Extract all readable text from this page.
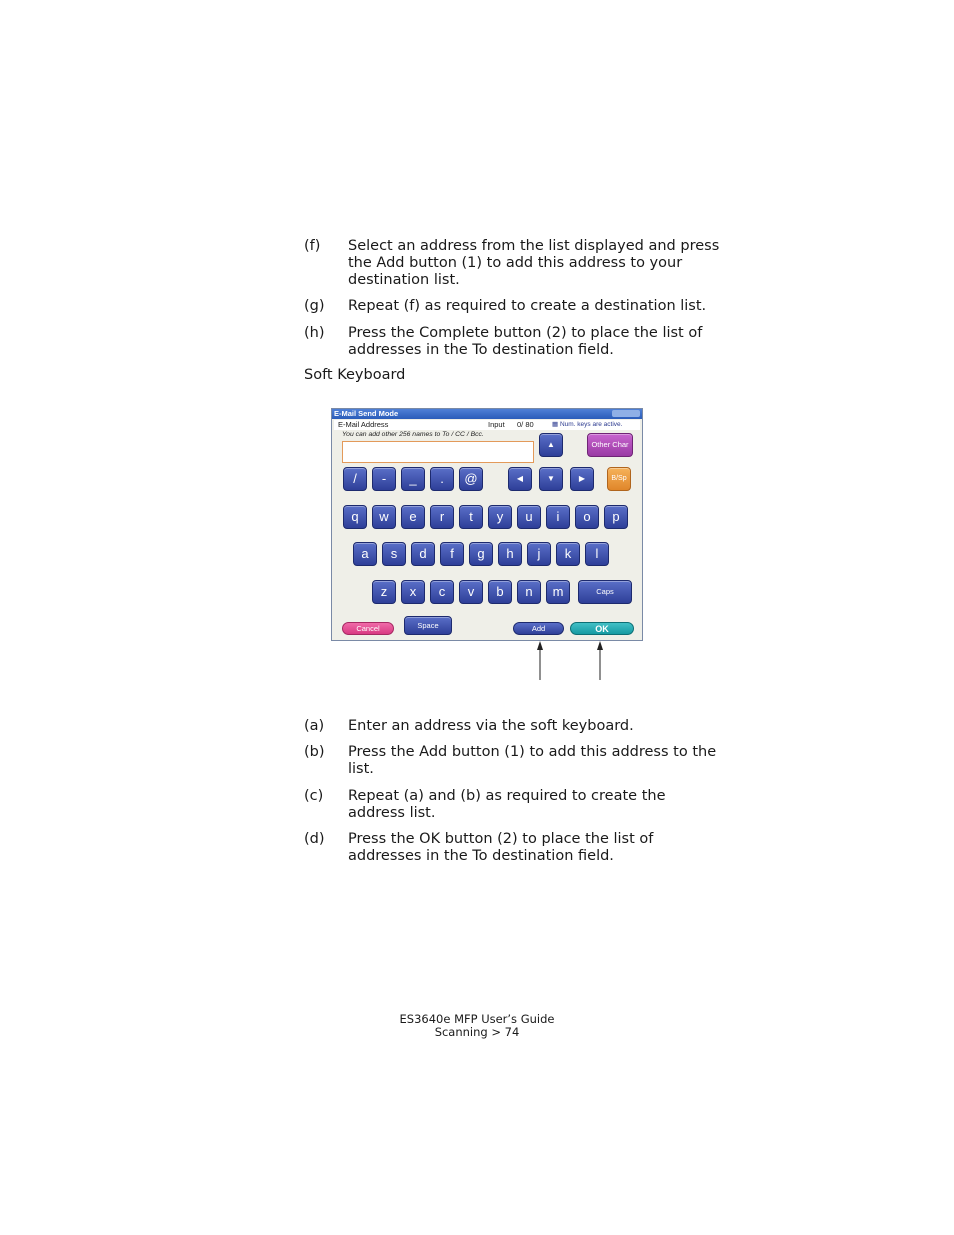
(f) Select an address from the list displayed and press the Add button (1) to add this address to your destination list.
(g) Repeat (f) as required to create a destination list.
(h) Press the Complete button (2) to place the list of addresses in the To destination field.
Soft Keyboard
E-Mail Send Mode
E-Mail Address	Input 0/ 80	▦ Num. keys are active.
You can add other 256 names to To / CC / Bcc.
▲	Other Char
/	-	_	.	@	◀	▼	▶	B/Sp
q	w	e	r	t	y	u	i	o	p
a	s	d	f	g	h	j	k	l
z	x	c	v	b	n	m	Caps
Cancel	Space	Add	OK
(a) Enter an address via the soft keyboard.
(b) Press the Add button (1) to add this address to the list.
(c) Repeat (a) and (b) as required to create the address list.
(d) Press the OK button (2) to place the list of addresses in the To destination field.
ES3640e MFP User’s Guide
Scanning > 74
